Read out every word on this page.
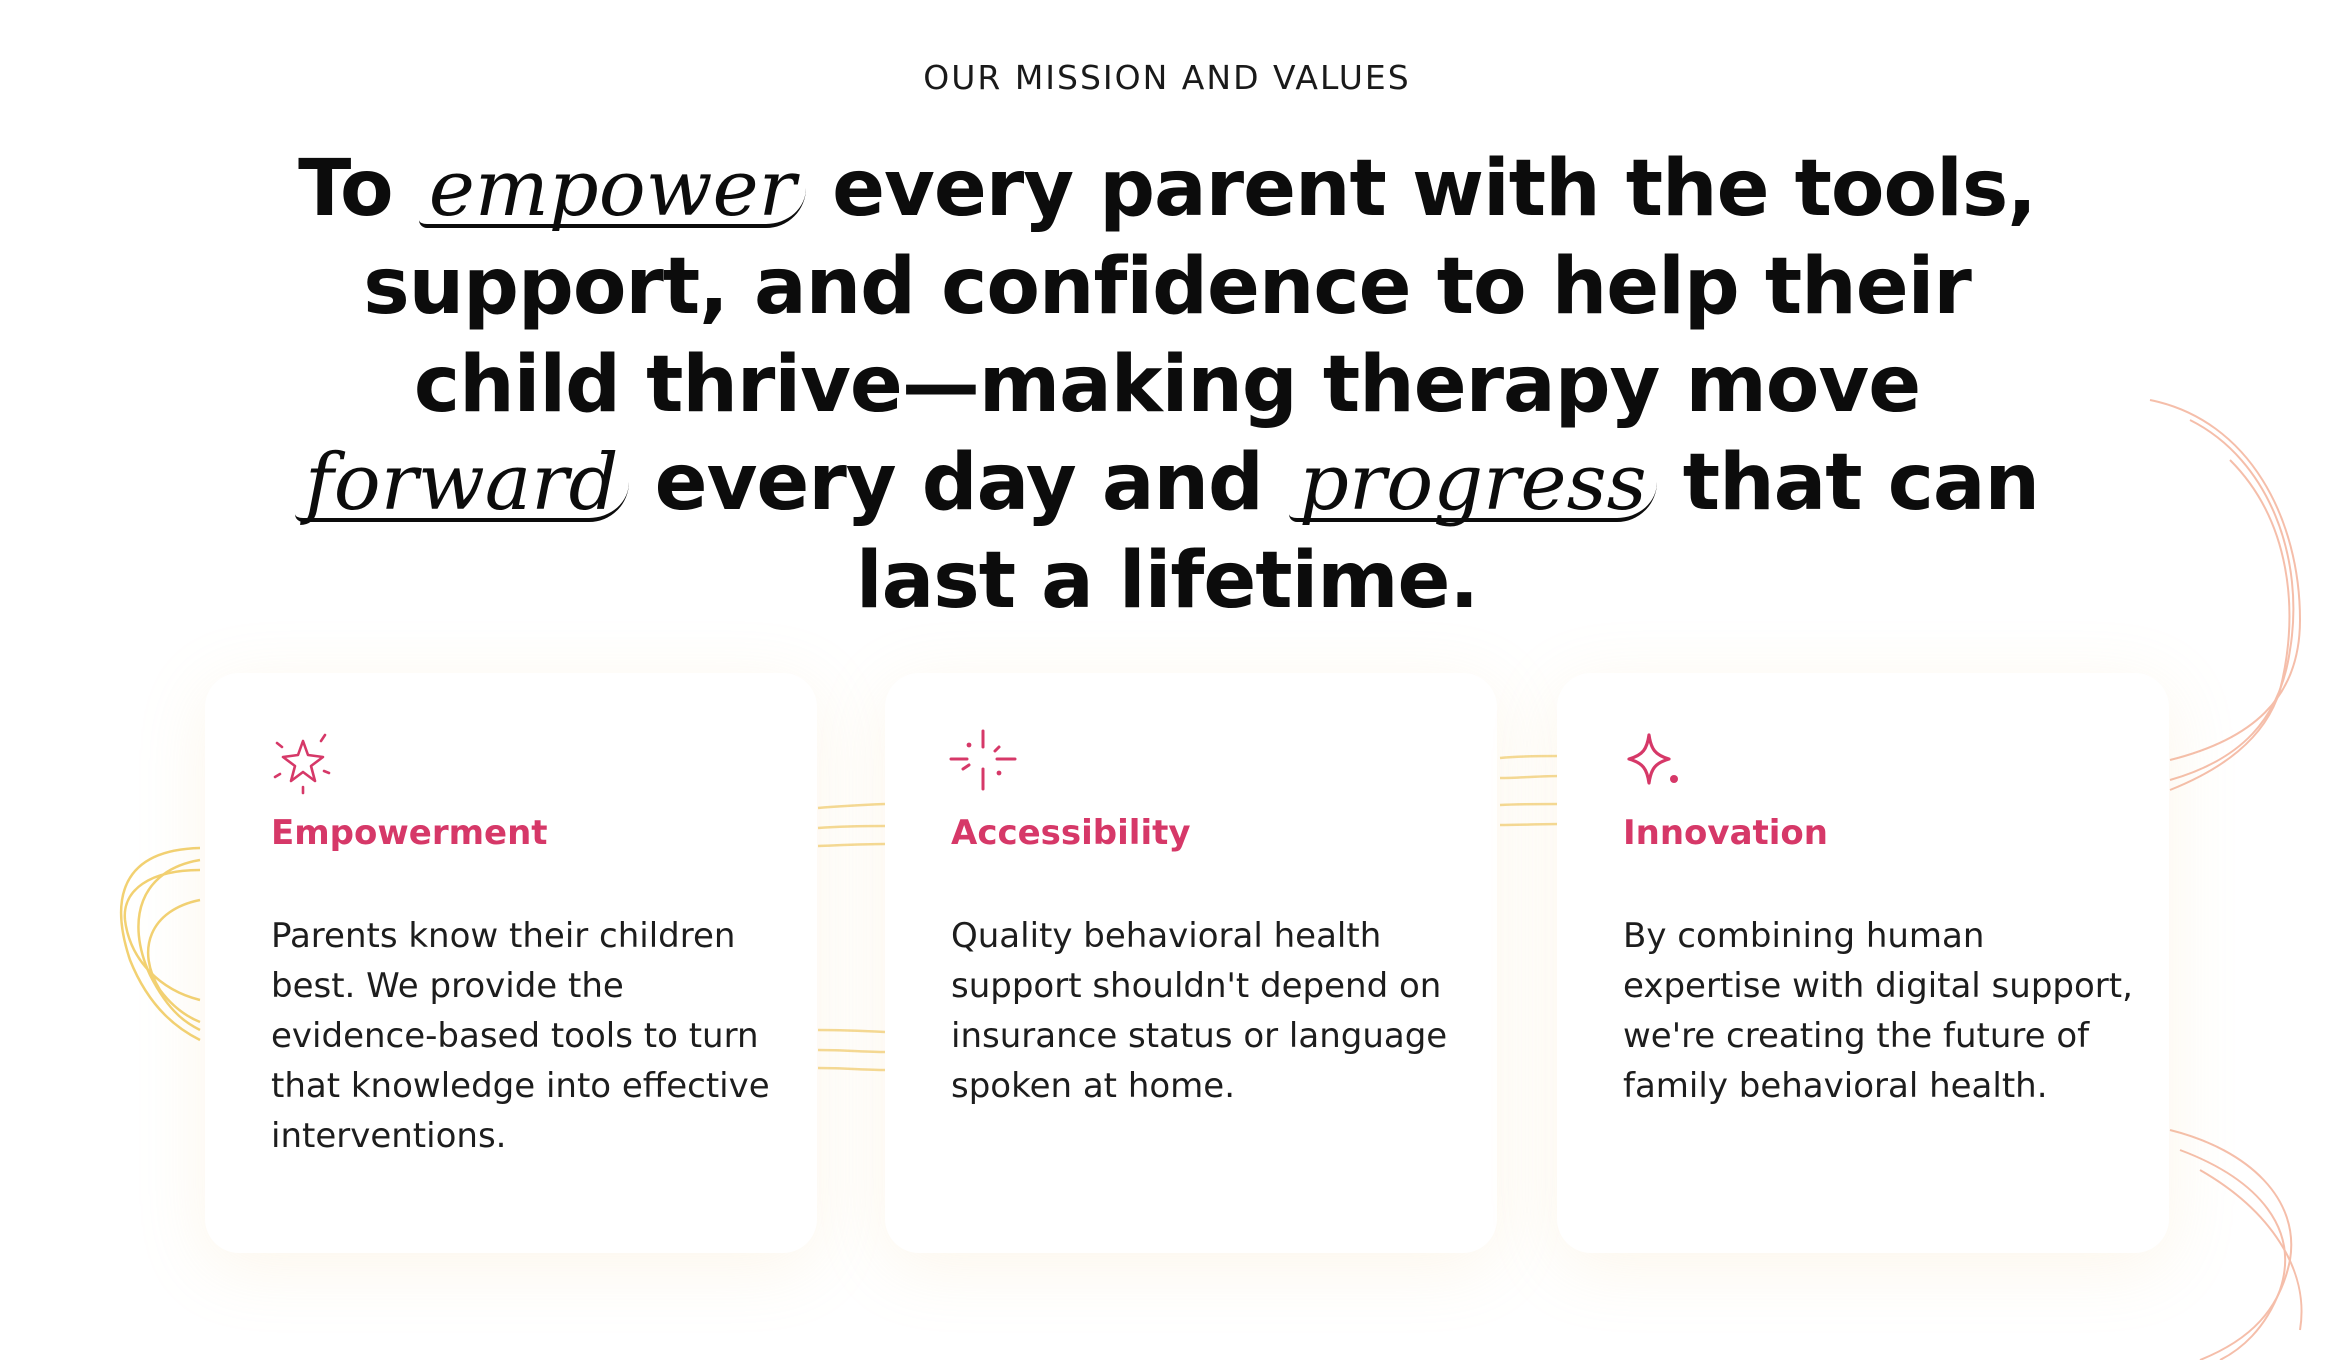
OUR MISSION AND VALUES
To empower every parent with the tools, support, and confidence to help their child thrive—making therapy move forward every day and progress that can last a lifetime.
Empowerment

Parents know their children best. We provide the evidence-based tools to turn that knowledge into effective interventions.

Accessibility

Quality behavioral health support shouldn't depend on insurance status or language spoken at home.

Innovation

By combining human expertise with digital support, we're creating the future of family behavioral health.
